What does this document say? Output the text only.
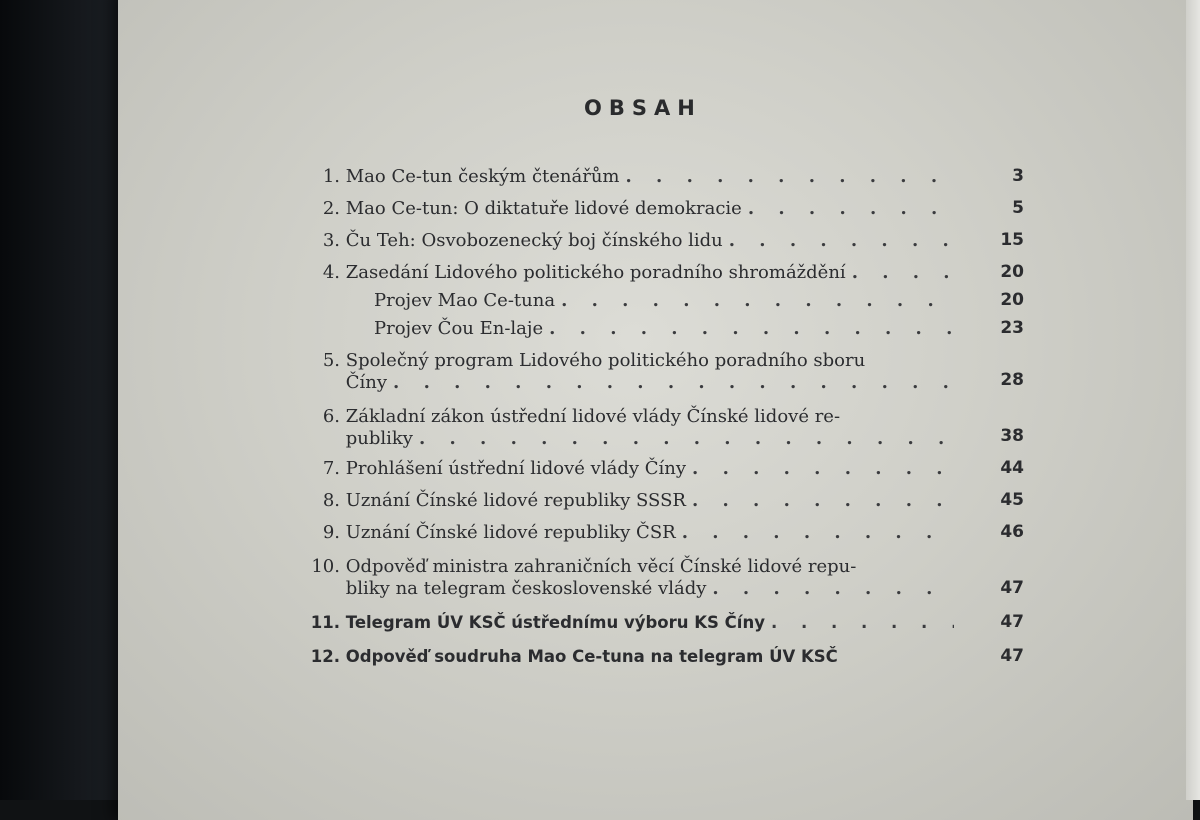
OBSAH
1.
Mao Ce-tun českým čtenářům . . .	3
2.
Mao Ce-tun: O diktatuře lidové demokracie . . .	5
3.
Ču Teh: Osvobozenecký boj čínského lidu . . .	15
4.
Zasedání Lidového politického poradního shromáždění . . .	20
Projev Mao Ce-tuna . . .	20
Projev Čou En-laje . . .	23
5.
Společný program Lidového politického poradního sboru

Číny . . .	28
6.
Základní zákon ústřední lidové vlády Čínské lidové re-

publiky . . .	38
7.
Prohlášení ústřední lidové vlády Číny . . .	44
8.
Uznání Čínské lidové republiky SSSR . . .	45
9.
Uznání Čínské lidové republiky ČSR . . .	46
10.
Odpověď ministra zahraničních věcí Čínské lidové repu-

bliky na telegram československé vlády . . .	47
11.
Telegram ÚV KSČ ústřednímu výboru KS Číny . . .	47
12.
Odpověď soudruha Mao Ce-tuna na telegram ÚV KSČ	47
